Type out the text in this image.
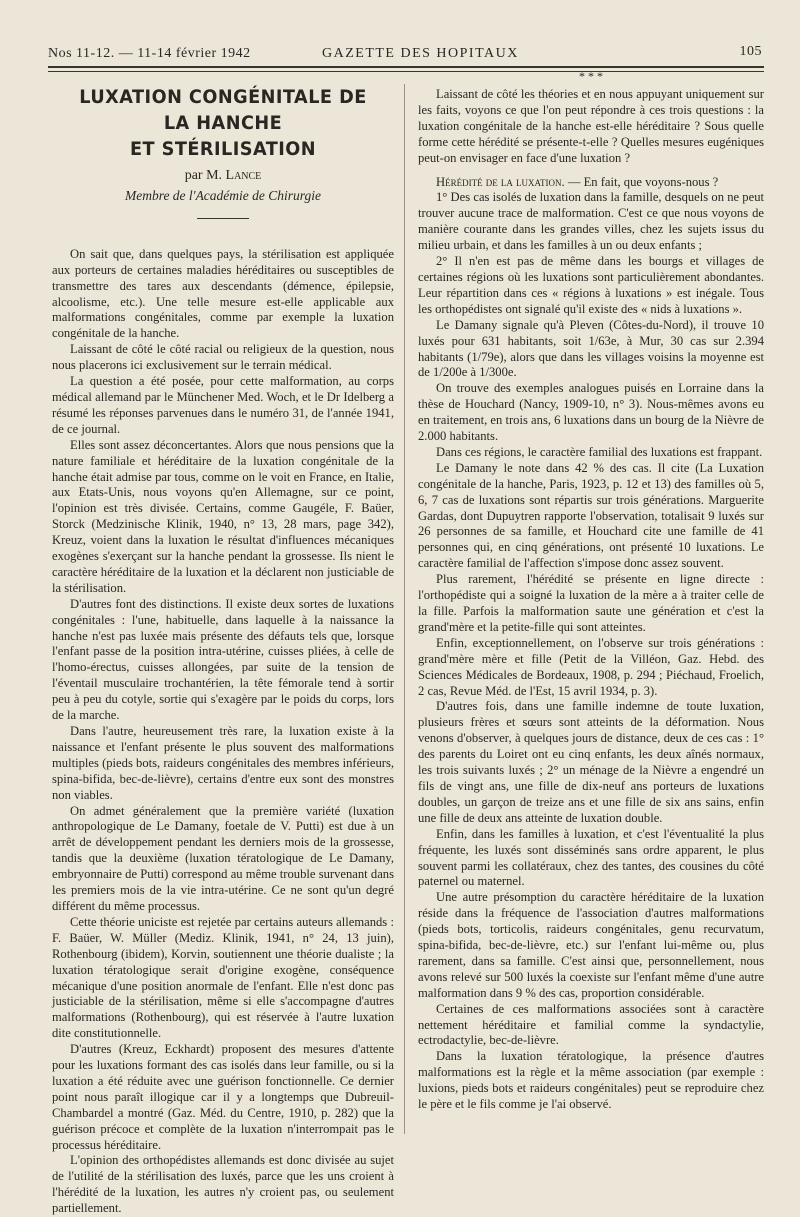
Nos 11-12. — 11-14 février 1942	GAZETTE DES HOPITAUX	105
LUXATION CONGÉNITALE DE LA HANCHE
ET STÉRILISATION
par M. Lance
Membre de l'Académie de Chirurgie

On sait que, dans quelques pays, la stérilisation est appliquée aux porteurs de certaines maladies héréditaires ou susceptibles de transmettre des tares aux descendants (démence, épilepsie, alcoolisme, etc.). Une telle mesure est-elle applicable aux malformations congénitales, comme par exemple la luxation congénitale de la hanche.

Laissant de côté le côté racial ou religieux de la question, nous nous placerons ici exclusivement sur le terrain médical.

La question a été posée, pour cette malformation, au corps médical allemand par le Münchener Med. Woch, et le Dr Idelberg a résumé les réponses parvenues dans le numéro 31, de l'année 1941, de ce journal.

Elles sont assez déconcertantes. Alors que nous pensions que la nature familiale et héréditaire de la luxation congénitale de la hanche était admise par tous, comme on le voit en France, en Italie, aux Etats-Unis, nous voyons qu'en Allemagne, sur ce point, l'opinion est très divisée. Certains, comme Gaugéle, F. Baüer, Storck (Medzinische Klinik, 1940, n° 13, 28 mars, page 342), Kreuz, voient dans la luxation le résultat d'influences mécaniques exogènes s'exerçant sur la hanche pendant la grossesse. Ils nient le caractère héréditaire de la luxation et la déclarent non justiciable de la stérilisation.

D'autres font des distinctions. Il existe deux sortes de luxations congénitales : l'une, habituelle, dans laquelle à la naissance la hanche n'est pas luxée mais présente des défauts tels que, lorsque l'enfant passe de la position intra-utérine, cuisses pliées, à celle de l'homo-érectus, cuisses allongées, par suite de la tension de l'éventail musculaire trochantérien, la tête fémorale tend à sortir peu à peu du cotyle, sortie qui s'exagère par le poids du corps, lors de la marche.

Dans l'autre, heureusement très rare, la luxation existe à la naissance et l'enfant présente le plus souvent des malformations multiples (pieds bots, raideurs congénitales des membres inférieurs, spina-bifida, bec-de-lièvre), certains d'entre eux sont des monstres non viables.

On admet généralement que la première variété (luxation anthropologique de Le Damany, foetale de V. Putti) est due à un arrêt de développement pendant les derniers mois de la grossesse, tandis que la deuxième (luxation tératologique de Le Damany, embryonnaire de Putti) correspond au même trouble survenant dans les premiers mois de la vie intra-utérine. Ce ne sont qu'un degré différent du même processus.

Cette théorie uniciste est rejetée par certains auteurs allemands : F. Baüer, W. Müller (Mediz. Klinik, 1941, n° 24, 13 juin), Rothenbourg (ibidem), Korvin, soutiennent une théorie dualiste ; la luxation tératologique serait d'origine exogène, conséquence mécanique d'une position anormale de l'enfant. Elle n'est donc pas justiciable de la stérilisation, même si elle s'accompagne d'autres malformations (Rothenbourg), qui est réservée à l'autre luxation dite constitutionnelle.

D'autres (Kreuz, Eckhardt) proposent des mesures d'attente pour les luxations formant des cas isolés dans leur famille, ou si la luxation a été réduite avec une guérison fonctionnelle. Ce dernier point nous paraît illogique car il y a longtemps que Dubreuil-Chambardel a montré (Gaz. Méd. du Centre, 1910, p. 282) que la guérison précoce et complète de la luxation n'interrompait pas le processus héréditaire.

L'opinion des orthopédistes allemands est donc divisée au sujet de l'utilité de la stérilisation des luxés, parce que les uns croient à l'hérédité de la luxation, les autres n'y croient pas, ou seulement partiellement.

* * *

Laissant de côté les théories et en nous appuyant uniquement sur les faits, voyons ce que l'on peut répondre à ces trois questions : la luxation congénitale de la hanche est-elle héréditaire ? Sous quelle forme cette hérédité se présente-t-elle ? Quelles mesures eugéniques peut-on envisager en face d'une luxation ?

Hérédité de la luxation. — En fait, que voyons-nous ?

1° Des cas isolés de luxation dans la famille, desquels on ne peut trouver aucune trace de malformation. C'est ce que nous voyons de manière courante dans les grandes villes, chez les sujets issus du milieu urbain, et dans les familles à un ou deux enfants ;

2° Il n'en est pas de même dans les bourgs et villages de certaines régions où les luxations sont particulièrement abondantes. Leur répartition dans ces « régions à luxations » est inégale. Tous les orthopédistes ont signalé qu'il existe des « nids à luxations ».

Le Damany signale qu'à Pleven (Côtes-du-Nord), il trouve 10 luxés pour 631 habitants, soit 1/63e, à Mur, 30 cas sur 2.394 habitants (1/79e), alors que dans les villages voisins la moyenne est de 1/200e à 1/300e.

On trouve des exemples analogues puisés en Lorraine dans la thèse de Houchard (Nancy, 1909-10, n° 3). Nous-mêmes avons eu en traitement, en trois ans, 6 luxations dans un bourg de la Nièvre de 2.000 habitants.

Dans ces régions, le caractère familial des luxations est frappant.

Le Damany le note dans 42 % des cas. Il cite (La Luxation congénitale de la hanche, Paris, 1923, p. 12 et 13) des familles où 5, 6, 7 cas de luxations sont répartis sur trois générations. Marguerite Gardas, dont Dupuytren rapporte l'observation, totalisait 9 luxés sur 26 personnes de sa famille, et Houchard cite une famille de 41 personnes qui, en cinq générations, ont présenté 10 luxations. Le caractère familial de l'affection s'impose donc assez souvent.

Plus rarement, l'hérédité se présente en ligne directe : l'orthopédiste qui a soigné la luxation de la mère a à traiter celle de la fille. Parfois la malformation saute une génération et c'est la grand'mère et la petite-fille qui sont atteintes.

Enfin, exceptionnellement, on l'observe sur trois générations : grand'mère mère et fille (Petit de la Villéon, Gaz. Hebd. des Sciences Médicales de Bordeaux, 1908, p. 294 ; Piéchaud, Froelich, 2 cas, Revue Méd. de l'Est, 15 avril 1934, p. 3).

D'autres fois, dans une famille indemne de toute luxation, plusieurs frères et sœurs sont atteints de la déformation. Nous venons d'observer, à quelques jours de distance, deux de ces cas : 1° des parents du Loiret ont eu cinq enfants, les deux aînés normaux, les trois suivants luxés ; 2° un ménage de la Nièvre a engendré un fils de vingt ans, une fille de dix-neuf ans porteurs de luxations doubles, un garçon de treize ans et une fille de six ans sains, enfin une fille de deux ans atteinte de luxation double.

Enfin, dans les familles à luxation, et c'est l'éventualité la plus fréquente, les luxés sont disséminés sans ordre apparent, le plus souvent parmi les collatéraux, chez des tantes, des cousines du côté paternel ou maternel.

Une autre présomption du caractère héréditaire de la luxation réside dans la fréquence de l'association d'autres malformations (pieds bots, torticolis, raideurs congénitales, genu recurvatum, spina-bifida, bec-de-lièvre, etc.) sur l'enfant lui-même ou, plus rarement, dans sa famille. C'est ainsi que, personnellement, nous avons relevé sur 500 luxés la coexiste sur l'enfant même d'une autre malformation dans 9 % des cas, proportion considérable.

Certaines de ces malformations associées sont à caractère nettement héréditaire et familial comme la syndactylie, ectrodactylie, bec-de-lièvre.

Dans la luxation tératologique, la présence d'autres malformations est la règle et la même association (par exemple : luxions, pieds bots et raideurs congénitales) peut se reproduire chez le père et le fils comme je l'ai observé.
